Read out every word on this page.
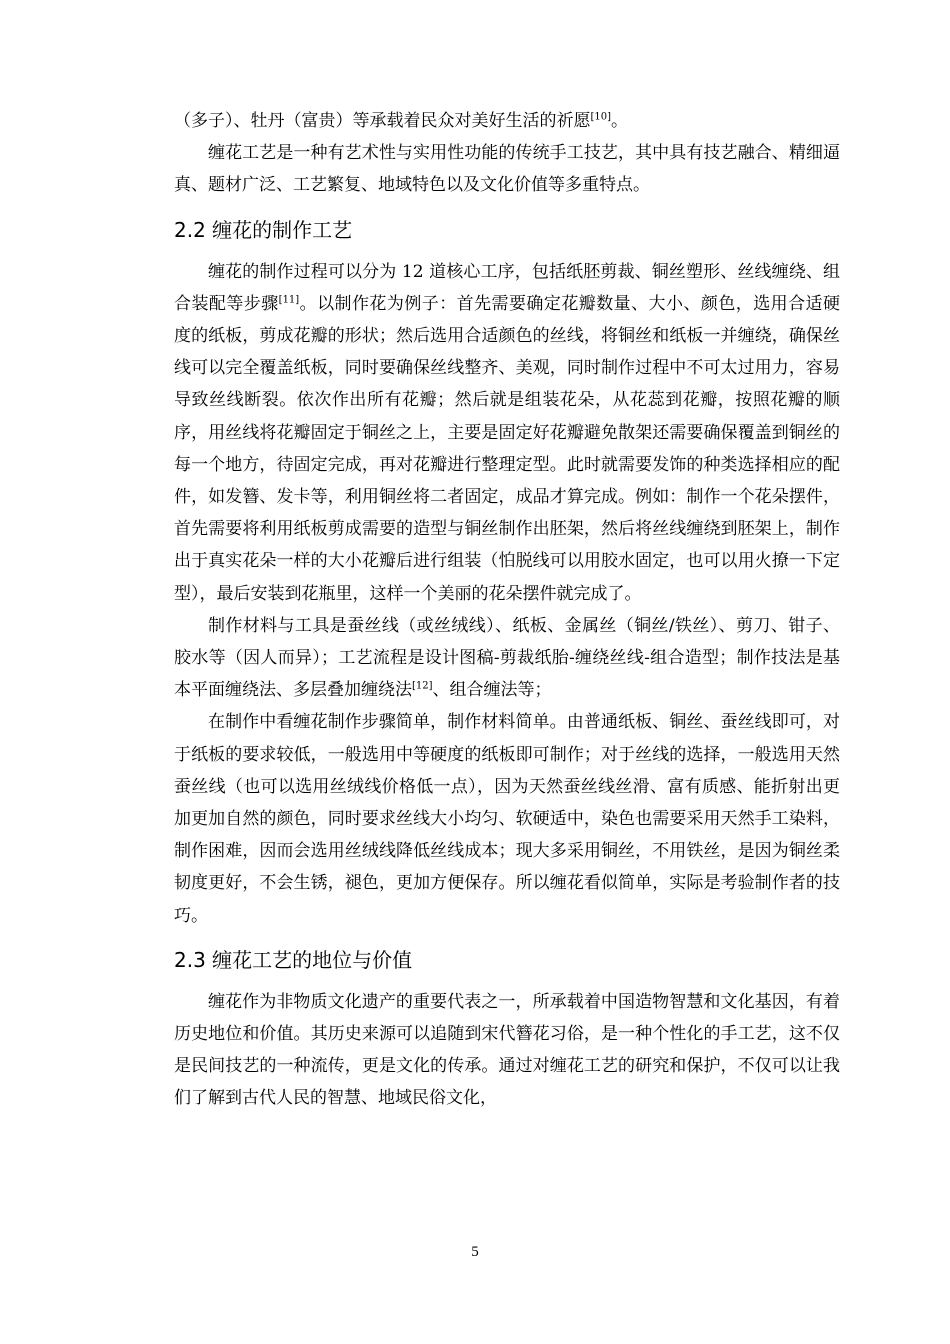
（多子）、牡丹（富贵）等承载着民众对美好生活的祈愿[10]。

缠花工艺是一种有艺术性与实用性功能的传统手工技艺，其中具有技艺融合、精细逼真、题材广泛、工艺繁复、地域特色以及文化价值等多重特点。

2.2 缠花的制作工艺

缠花的制作过程可以分为 12 道核心工序，包括纸胚剪裁、铜丝塑形、丝线缠绕、组合装配等步骤[11]。以制作花为例子：首先需要确定花瓣数量、大小、颜色，选用合适硬度的纸板，剪成花瓣的形状；然后选用合适颜色的丝线，将铜丝和纸板一并缠绕，确保丝线可以完全覆盖纸板，同时要确保丝线整齐、美观，同时制作过程中不可太过用力，容易导致丝线断裂。依次作出所有花瓣；然后就是组装花朵，从花蕊到花瓣，按照花瓣的顺序，用丝线将花瓣固定于铜丝之上，主要是固定好花瓣避免散架还需要确保覆盖到铜丝的每一个地方，待固定完成，再对花瓣进行整理定型。此时就需要发饰的种类选择相应的配件，如发簪、发卡等，利用铜丝将二者固定，成品才算完成。例如：制作一个花朵摆件，首先需要将利用纸板剪成需要的造型与铜丝制作出胚架，然后将丝线缠绕到胚架上，制作出于真实花朵一样的大小花瓣后进行组装（怕脱线可以用胶水固定，也可以用火撩一下定型），最后安装到花瓶里，这样一个美丽的花朵摆件就完成了。

制作材料与工具是蚕丝线（或丝绒线）、纸板、金属丝（铜丝/铁丝）、剪刀、钳子、胶水等（因人而异）；工艺流程是设计图稿-剪裁纸胎-缠绕丝线-组合造型；制作技法是基本平面缠绕法、多层叠加缠绕法[12]、组合缠法等；

在制作中看缠花制作步骤简单，制作材料简单。由普通纸板、铜丝、蚕丝线即可，对于纸板的要求较低，一般选用中等硬度的纸板即可制作；对于丝线的选择，一般选用天然蚕丝线（也可以选用丝绒线价格低一点），因为天然蚕丝线丝滑、富有质感、能折射出更加更加自然的颜色，同时要求丝线大小均匀、软硬适中，染色也需要采用天然手工染料，制作困难，因而会选用丝绒线降低丝线成本；现大多采用铜丝，不用铁丝，是因为铜丝柔韧度更好，不会生锈，褪色，更加方便保存。所以缠花看似简单，实际是考验制作者的技巧。

2.3 缠花工艺的地位与价值

缠花作为非物质文化遗产的重要代表之一，所承载着中国造物智慧和文化基因，有着历史地位和价值。其历史来源可以追随到宋代簪花习俗，是一种个性化的手工艺，这不仅是民间技艺的一种流传，更是文化的传承。通过对缠花工艺的研究和保护，不仅可以让我们了解到古代人民的智慧、地域民俗文化，

5
